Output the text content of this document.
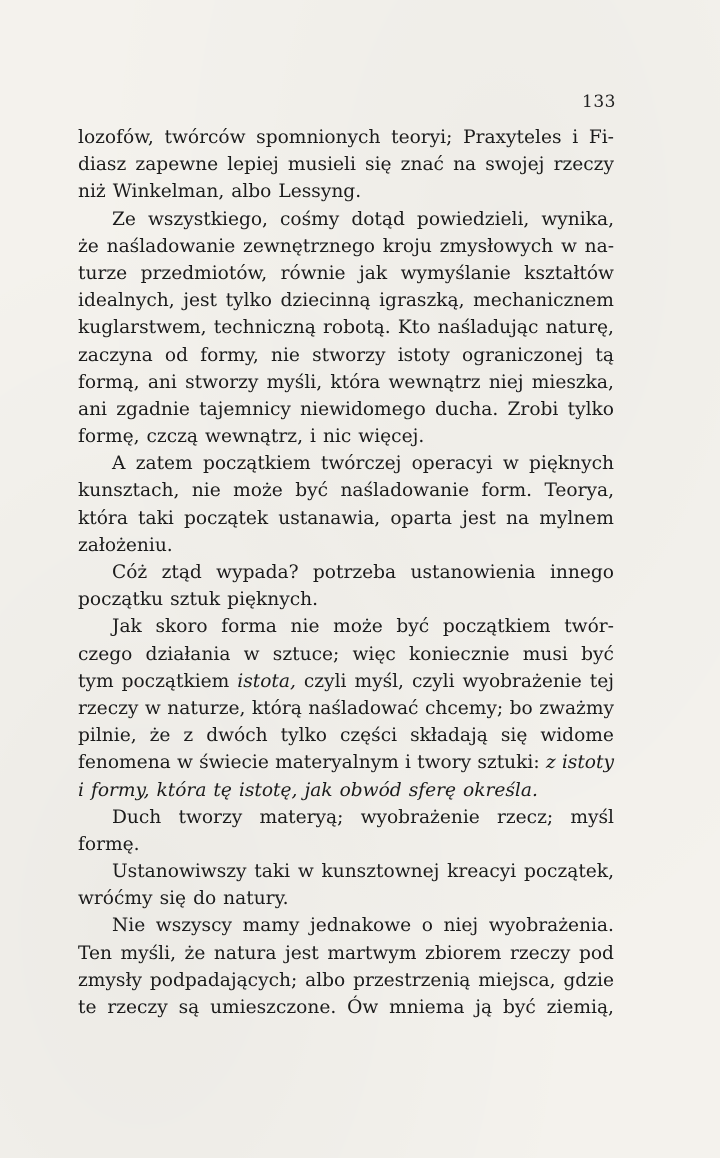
133
lozofów, twórców spomnionych teoryi; Praxyteles i Fi-
diasz zapewne lepiej musieli się znać na swojej rzeczy
niż Winkelman, albo Lessyng.
Ze wszystkiego, cośmy dotąd powiedzieli, wynika,
że naśladowanie zewnętrznego kroju zmysłowych w na-
turze przedmiotów, równie jak wymyślanie kształtów
idealnych, jest tylko dziecinną igraszką, mechanicznem
kuglarstwem, techniczną robotą. Kto naśladując naturę,
zaczyna od formy, nie stworzy istoty ograniczonej tą
formą, ani stworzy myśli, która wewnątrz niej mieszka,
ani zgadnie tajemnicy niewidomego ducha. Zrobi tylko
formę, czczą wewnątrz, i nic więcej.
A zatem początkiem twórczej operacyi w pięknych
kunsztach, nie może być naśladowanie form. Teorya,
która taki początek ustanawia, oparta jest na mylnem
założeniu.
Cóż ztąd wypada? potrzeba ustanowienia innego
początku sztuk pięknych.
Jak skoro forma nie może być początkiem twór-
czego działania w sztuce; więc koniecznie musi być
tym początkiem istota, czyli myśl, czyli wyobrażenie tej
rzeczy w naturze, którą naśladować chcemy; bo zważmy
pilnie, że z dwóch tylko części składają się widome
fenomena w świecie materyalnym i twory sztuki: z istoty
i formy, która tę istotę, jak obwód sferę określa.
Duch tworzy materyą; wyobrażenie rzecz; myśl
formę.
Ustanowiwszy taki w kunsztownej kreacyi początek,
wróćmy się do natury.
Nie wszyscy mamy jednakowe o niej wyobrażenia.
Ten myśli, że natura jest martwym zbiorem rzeczy pod
zmysły podpadających; albo przestrzenią miejsca, gdzie
te rzeczy są umieszczone. Ów mniema ją być ziemią,
